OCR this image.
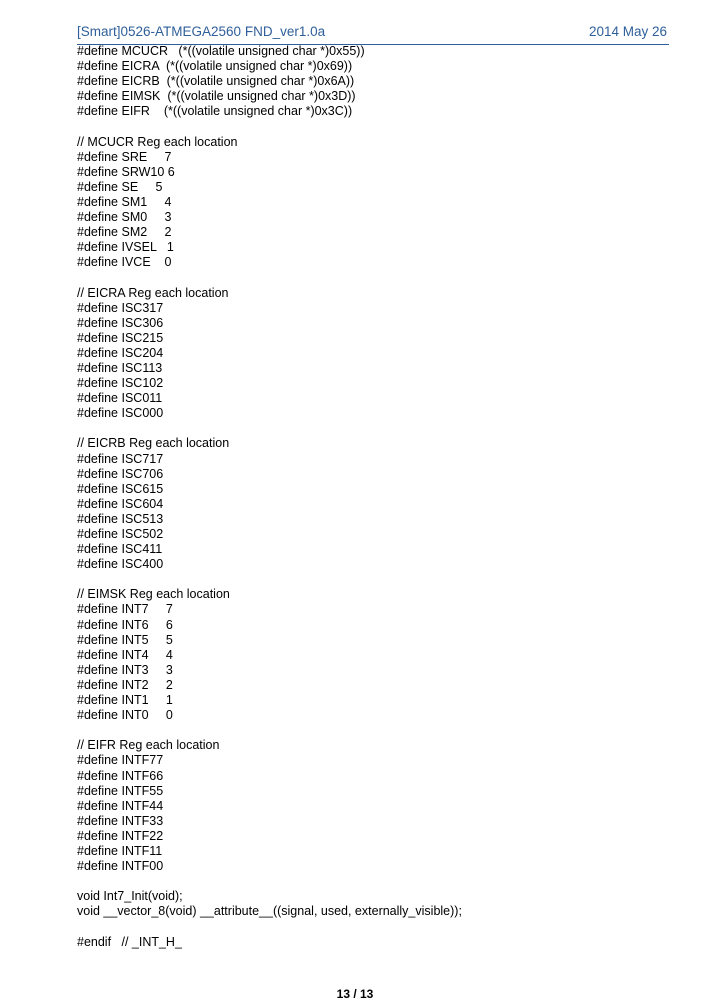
[Smart]0526-ATMEGA2560 FND_ver1.0a	2014 May 26
#define MCUCR   (*((volatile unsigned char *)0x55))
#define EICRA  (*((volatile unsigned char *)0x69))
#define EICRB  (*((volatile unsigned char *)0x6A))
#define EIMSK  (*((volatile unsigned char *)0x3D))
#define EIFR    (*((volatile unsigned char *)0x3C))
// MCUCR Reg each location
#define SRE     7
#define SRW10 6
#define SE     5
#define SM1     4
#define SM0     3
#define SM2     2
#define IVSEL   1
#define IVCE    0
// EICRA Reg each location
#define ISC317
#define ISC306
#define ISC215
#define ISC204
#define ISC113
#define ISC102
#define ISC011
#define ISC000
// EICRB Reg each location
#define ISC717
#define ISC706
#define ISC615
#define ISC604
#define ISC513
#define ISC502
#define ISC411
#define ISC400
// EIMSK Reg each location
#define INT7     7
#define INT6     6
#define INT5     5
#define INT4     4
#define INT3     3
#define INT2     2
#define INT1     1
#define INT0     0
// EIFR Reg each location
#define INTF77
#define INTF66
#define INTF55
#define INTF44
#define INTF33
#define INTF22
#define INTF11
#define INTF00
void Int7_Init(void);
void __vector_8(void) __attribute__((signal, used, externally_visible));
#endif   // _INT_H_
13 / 13
